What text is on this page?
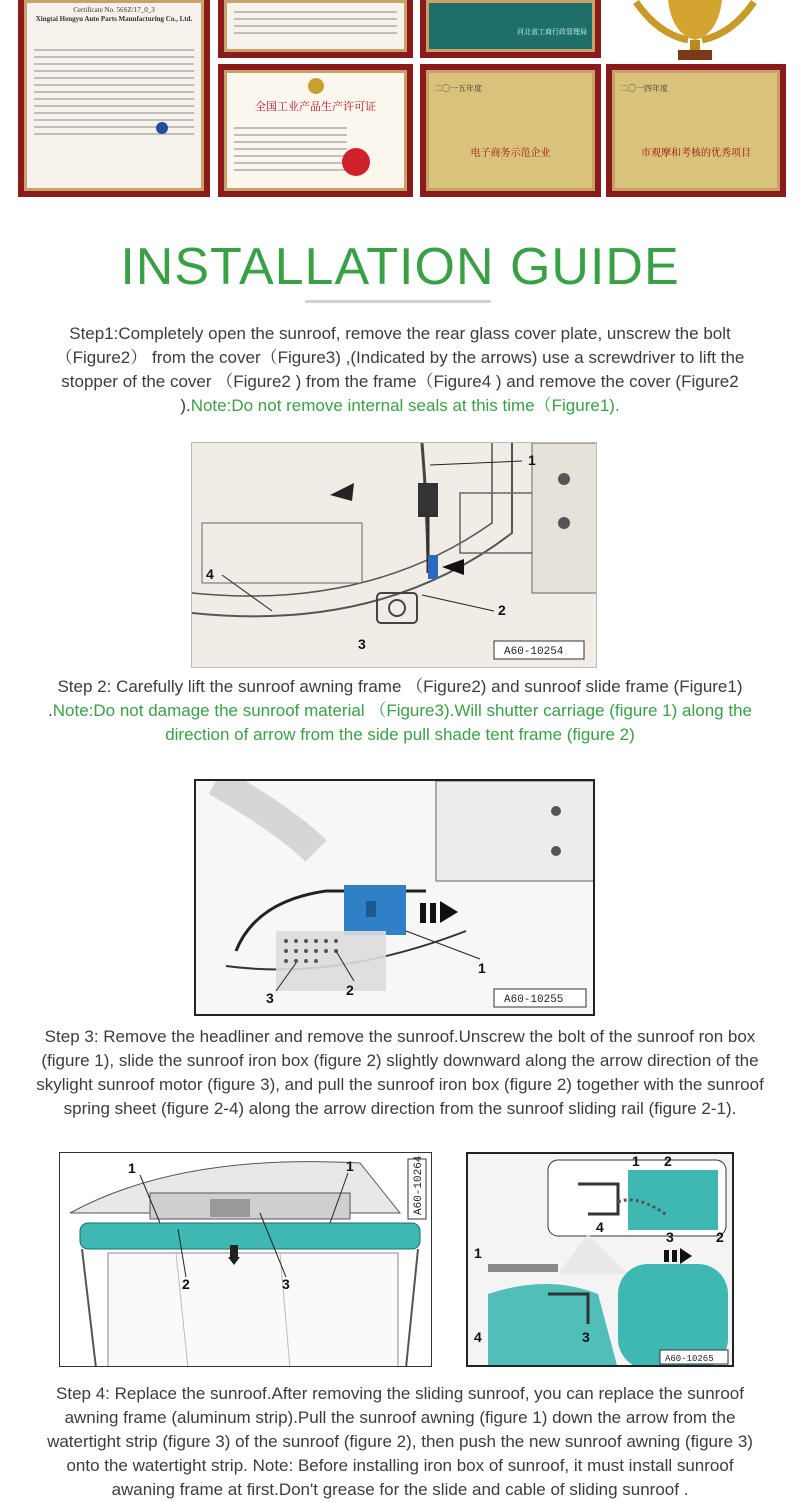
Certificate No. 56SZ/17_0_3
Xingtai Hengyu Auto Parts Manufacturing Co., Ltd.
河北省工商行政管理局
全国工业产品生产许可证
二〇一五年度
电子商务示范企业
二〇一四年度
市观摩和考核的优秀项目
INSTALLATION GUIDE
Step1:Completely open the sunroof, remove the rear glass cover plate, unscrew the bolt（Figure2） from the cover（Figure3) ,(Indicated by the arrows) use a screwdriver to lift the stopper of the cover （Figure2 ) from the frame（Figure4 ) and remove the cover (Figure2 ).Note:Do not remove internal seals at this time（Figure1).
1
2
3
4
A60-10254
Step 2: Carefully lift the sunroof awning frame （Figure2) and sunroof slide frame (Figure1) .Note:Do not damage the sunroof material （Figure3).Will shutter carriage (figure 1) along the direction of arrow from the side pull shade tent frame (figure 2)
1
2
3	A60-10255
Step 3: Remove the headliner and remove the sunroof.Unscrew the bolt of the sunroof ron box (figure 1), slide the sunroof iron box (figure 2) slightly downward along the arrow direction of the skylight sunroof motor (figure 3), and pull the sunroof iron box (figure 2) together with the sunroof spring sheet (figure 2-4) along the arrow direction from the sunroof sliding rail (figure 2-1).
1	1
2	3
A60-10264	1 2
3
4
1
2
3
4
A60-10265
Step 4: Replace the sunroof.After removing the sliding sunroof, you can replace the sunroof awning frame (aluminum strip).Pull the sunroof awning (figure 1) down the arrow from the watertight strip (figure 3) of the sunroof (figure 2), then push the new sunroof awning (figure 3) onto the watertight strip. Note: Before installing iron box of sunroof, it must install sunroof awaning frame at first.Don't grease for the slide and cable of sliding sunroof .
